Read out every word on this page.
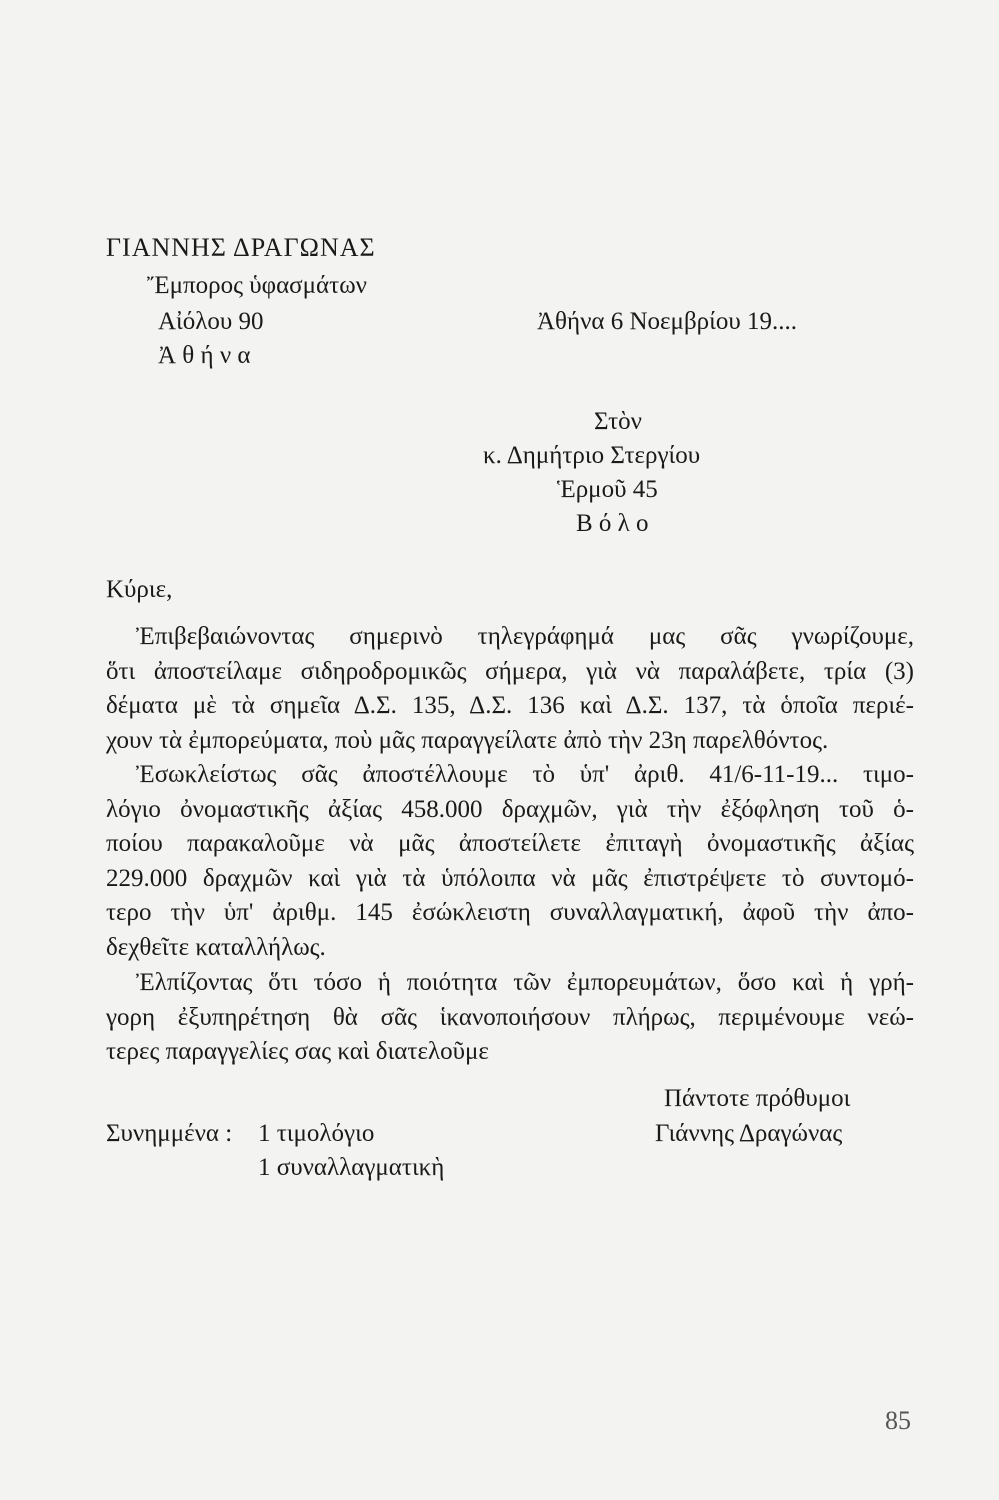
ΓΙΑΝΝΗΣ ΔΡΑΓΩΝΑΣ
Ἔμπορος ὑφασμάτων
Αἰόλου 90
Ἀ θ ή ν α
Ἀθήνα 6 Νοεμβρίου 19....
Στὸν
κ. Δημήτριο Στεργίου
Ἑρμοῦ 45
Β ό λ ο
Κύριε,
Ἐπιβεβαιώνοντας σημερινὸ τηλεγράφημά μας σᾶς γνωρίζουμε,
ὅτι ἀποστείλαμε σιδηροδρομικῶς σήμερα, γιὰ νὰ παραλάβετε, τρία (3)
δέματα μὲ τὰ σημεῖα Δ.Σ. 135, Δ.Σ. 136 καὶ Δ.Σ. 137, τὰ ὁποῖα περιέ-
χουν τὰ ἐμπορεύματα, ποὺ μᾶς παραγγείλατε ἀπὸ τὴν 23η παρελθόντος.
Ἐσωκλείστως σᾶς ἀποστέλλουμε τὸ ὑπ' ἀριθ. 41/6-11-19... τιμο-
λόγιο ὀνομαστικῆς ἀξίας 458.000 δραχμῶν, γιὰ τὴν ἐξόφληση τοῦ ὁ-
ποίου παρακαλοῦμε νὰ μᾶς ἀποστείλετε ἐπιταγὴ ὀνομαστικῆς ἀξίας
229.000 δραχμῶν καὶ γιὰ τὰ ὑπόλοιπα νὰ μᾶς ἐπιστρέψετε τὸ συντομό-
τερο τὴν ὑπ' ἀριθμ. 145 ἐσώκλειστη συναλλαγματική, ἀφοῦ τὴν ἀπο-
δεχθεῖτε καταλλήλως.
Ἐλπίζοντας ὅτι τόσο ἡ ποιότητα τῶν ἐμπορευμάτων, ὅσο καὶ ἡ γρή-
γορη ἐξυπηρέτηση θὰ σᾶς ἱκανοποιήσουν πλήρως, περιμένουμε νεώ-
τερες παραγγελίες σας καὶ διατελοῦμε
Πάντοτε πρόθυμοι
Γιάννης Δραγώνας
Συνημμένα : 1 τιμολόγιο
1 συναλλαγματικὴ
85
